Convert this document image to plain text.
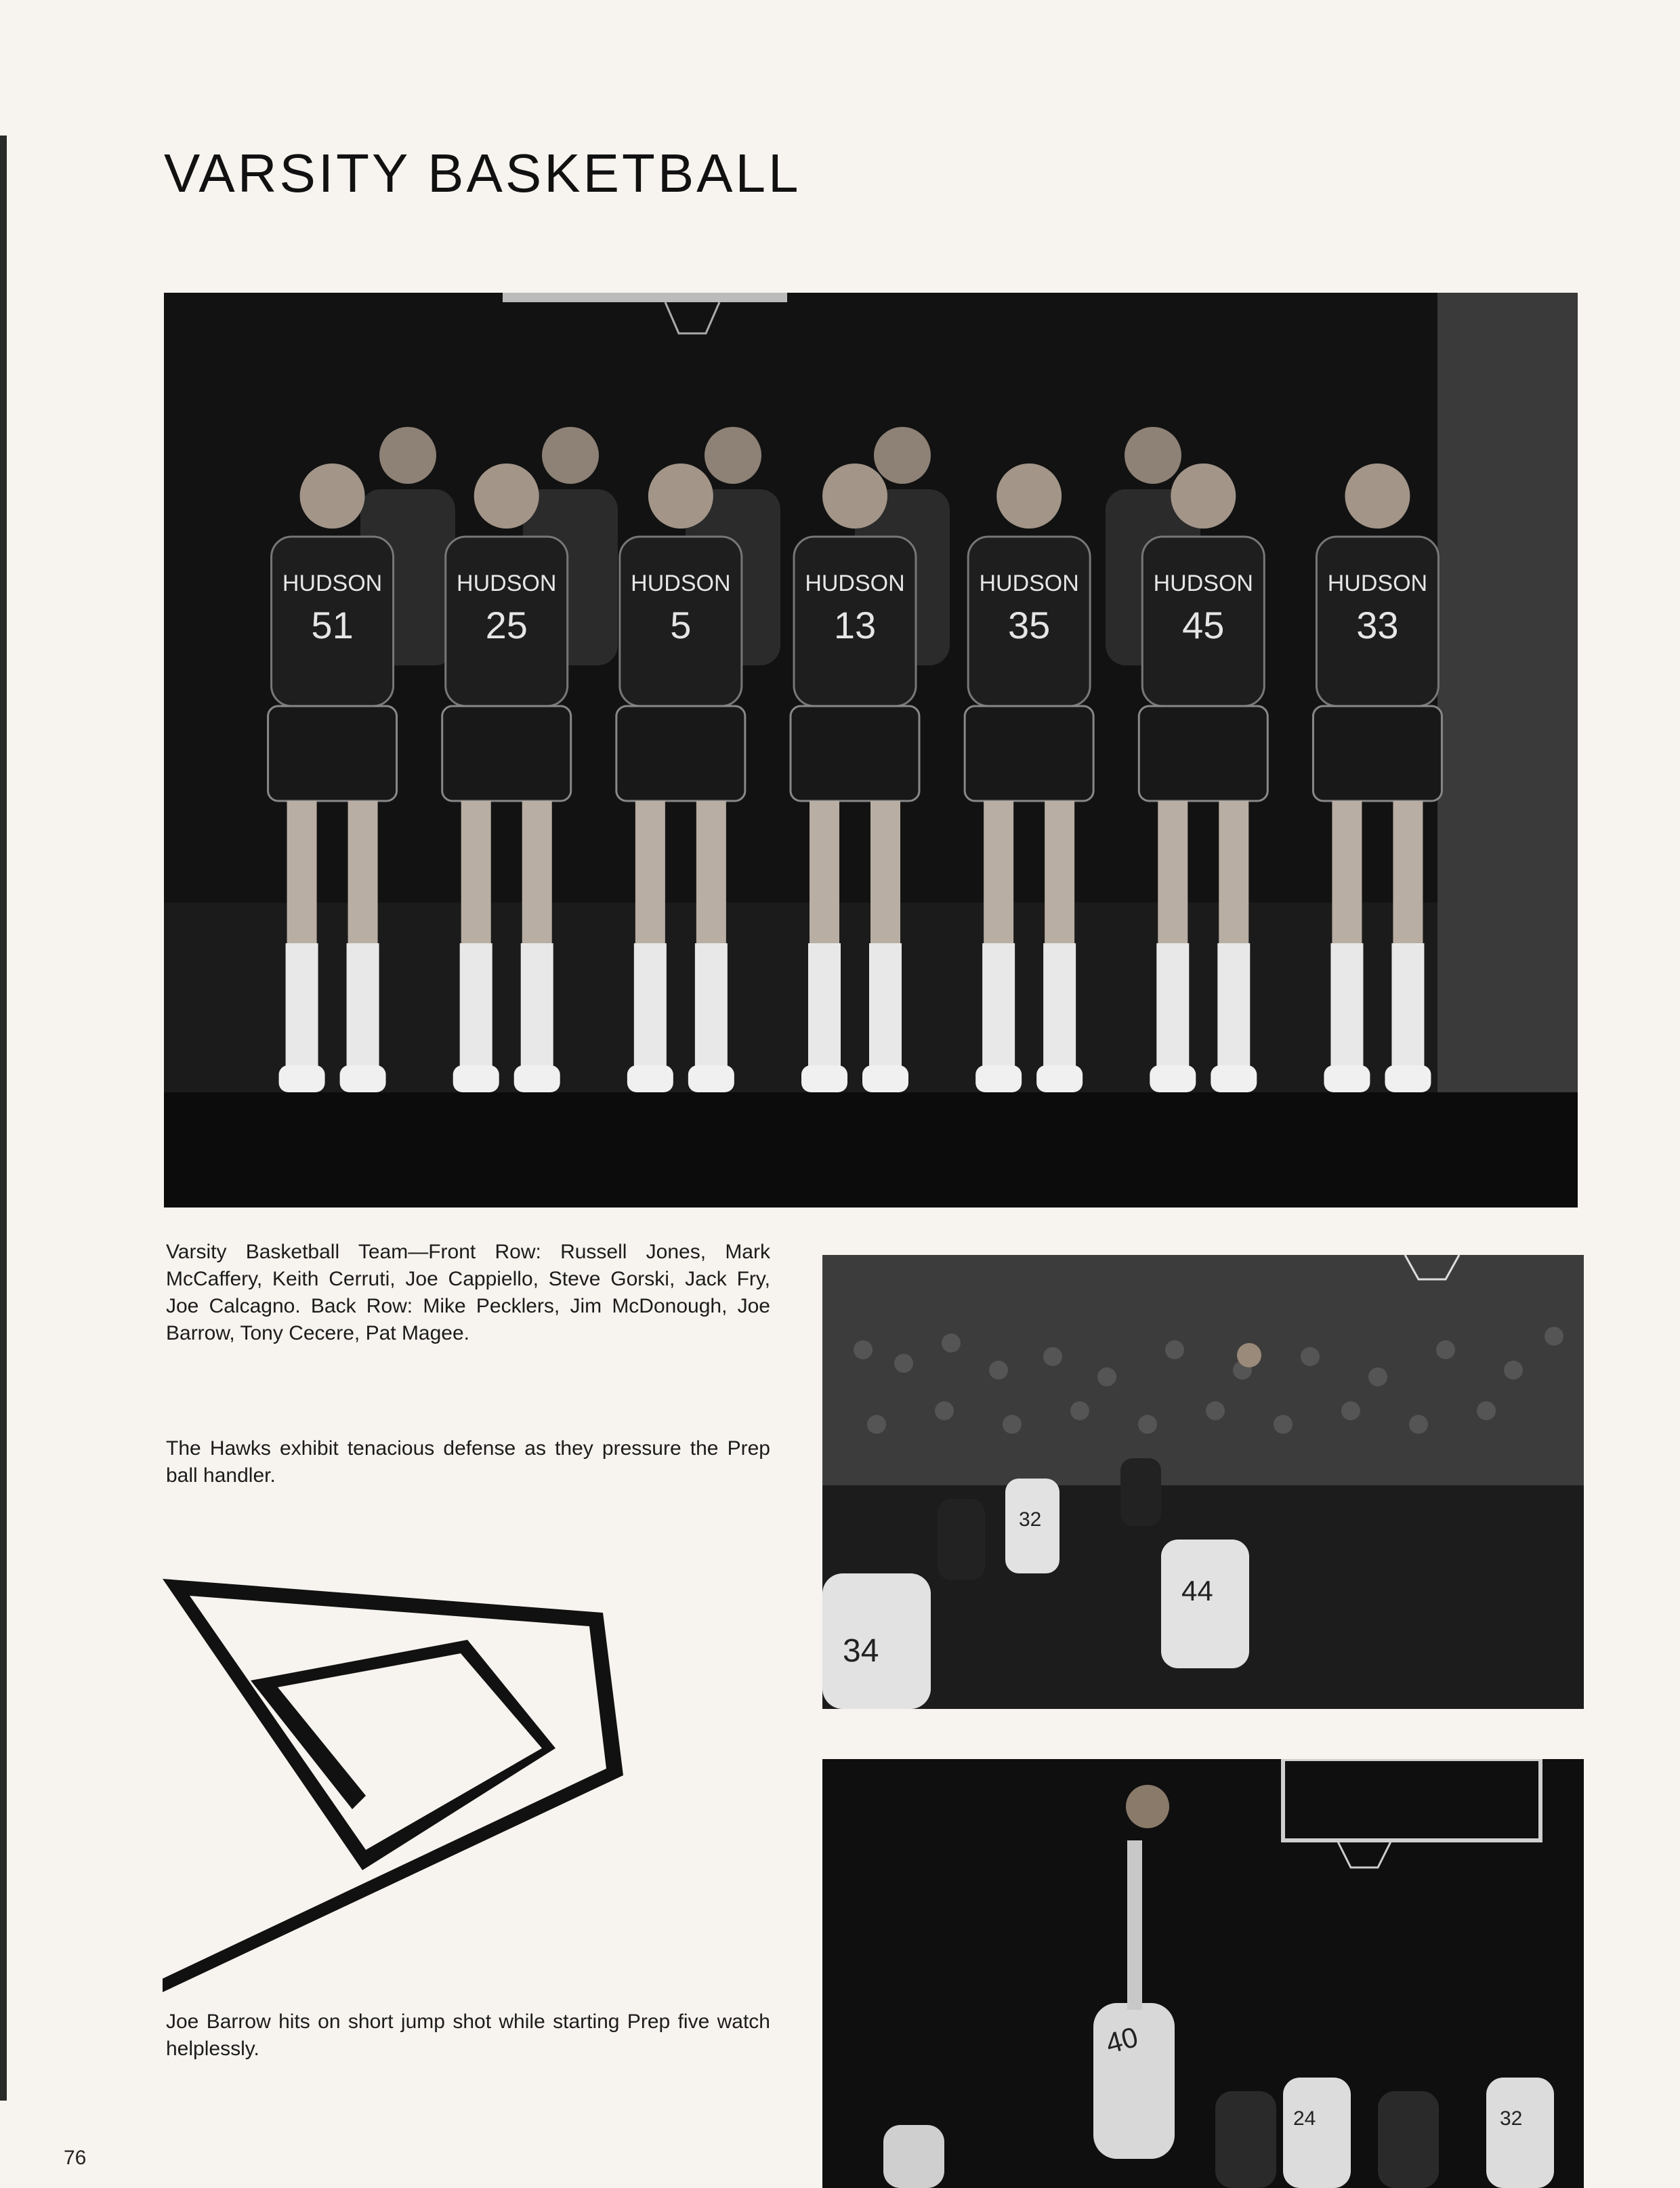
VARSITY BASKETBALL
HUDSON
51
HUDSON
25
HUDSON
5
HUDSON
13
HUDSON
35
HUDSON
45
HUDSON
33

Varsity Basketball Team—Front Row: Russell Jones, Mark McCaffery, Keith Cerruti, Joe Cappiello, Steve Gorski, Jack Fry, Joe Calcagno. Back Row: Mike Pecklers, Jim McDonough, Joe Barrow, Tony Cecere, Pat Magee.

34
32
44

The Hawks exhibit tenacious defense as they pressure the Prep ball handler.

40
24	32

Joe Barrow hits on short jump shot while starting Prep five watch helplessly.

76
